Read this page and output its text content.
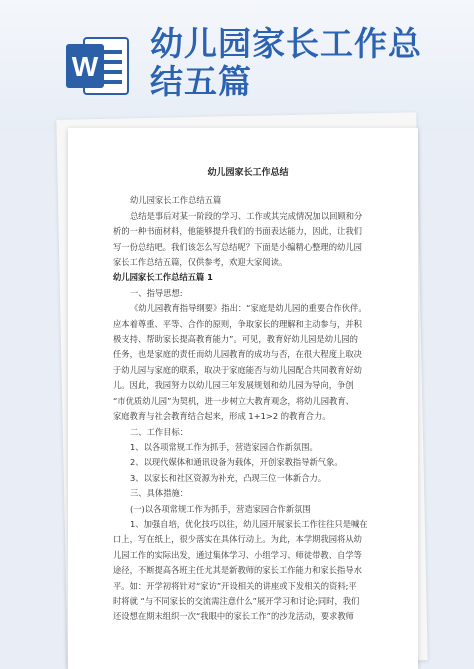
W
幼儿园家长工作总
结五篇
幼儿园家长工作总结
幼儿园家长工作总结五篇
总结是事后对某一阶段的学习、工作或其完成情况加以回顾和分
析的一种书面材料，他能够提升我们的书面表达能力，因此，让我们
写一份总结吧。我们该怎么写总结呢？下面是小编精心整理的幼儿园
家长工作总结五篇，仅供参考，欢迎大家阅读。
幼儿园家长工作总结五篇 1
一、指导思想:
《幼儿园教育指导纲要》指出：“家庭是幼儿园的重要合作伙伴。
应本着尊重、平等、合作的原则，争取家长的理解和主动参与，并积
极支持、帮助家长提高教育能力”。可见，教育好幼儿园是幼儿园的
任务，也是家庭的责任而幼儿园教育的成功与否，在很大程度上取决
于幼儿园与家庭的联系，取决于家庭能否与幼儿园配合共同教育好幼
儿。因此，我园努力以幼儿园三年发展规划和幼儿园为导向，争创
“市优质幼儿园”为契机，进一步树立大教育观念，将幼儿园教育、
家庭教育与社会教育结合起来，形成 1+1>2 的教育合力。
二、工作目标：
1、以各项常规工作为抓手，营造家园合作新氛围。
2、以现代媒体和通讯设备为载体，开创家教指导新气象。
3、以家长和社区资源为补充，凸现三位一体新合力。
三、具体措施：
(一)以各项常规工作为抓手，营造家园合作新氛围
1、加强自培，优化技巧以往，幼儿园开展家长工作往往只是喊在
口上，写在纸上，很少落实在具体行动上。为此，本学期我园将从幼
儿园工作的实际出发，通过集体学习、小组学习、师徒带教、自学等
途径，不断提高各班主任尤其是新教师的家长工作能力和家长指导水
平。如：开学初将针对“家访”开设相关的讲座或下发相关的资料;平
时将就 “与不同家长的交流需注意什么”展开学习和讨论;同时，我们
还设想在期末组织一次“我眼中的家长工作”的沙龙活动，要求教师
